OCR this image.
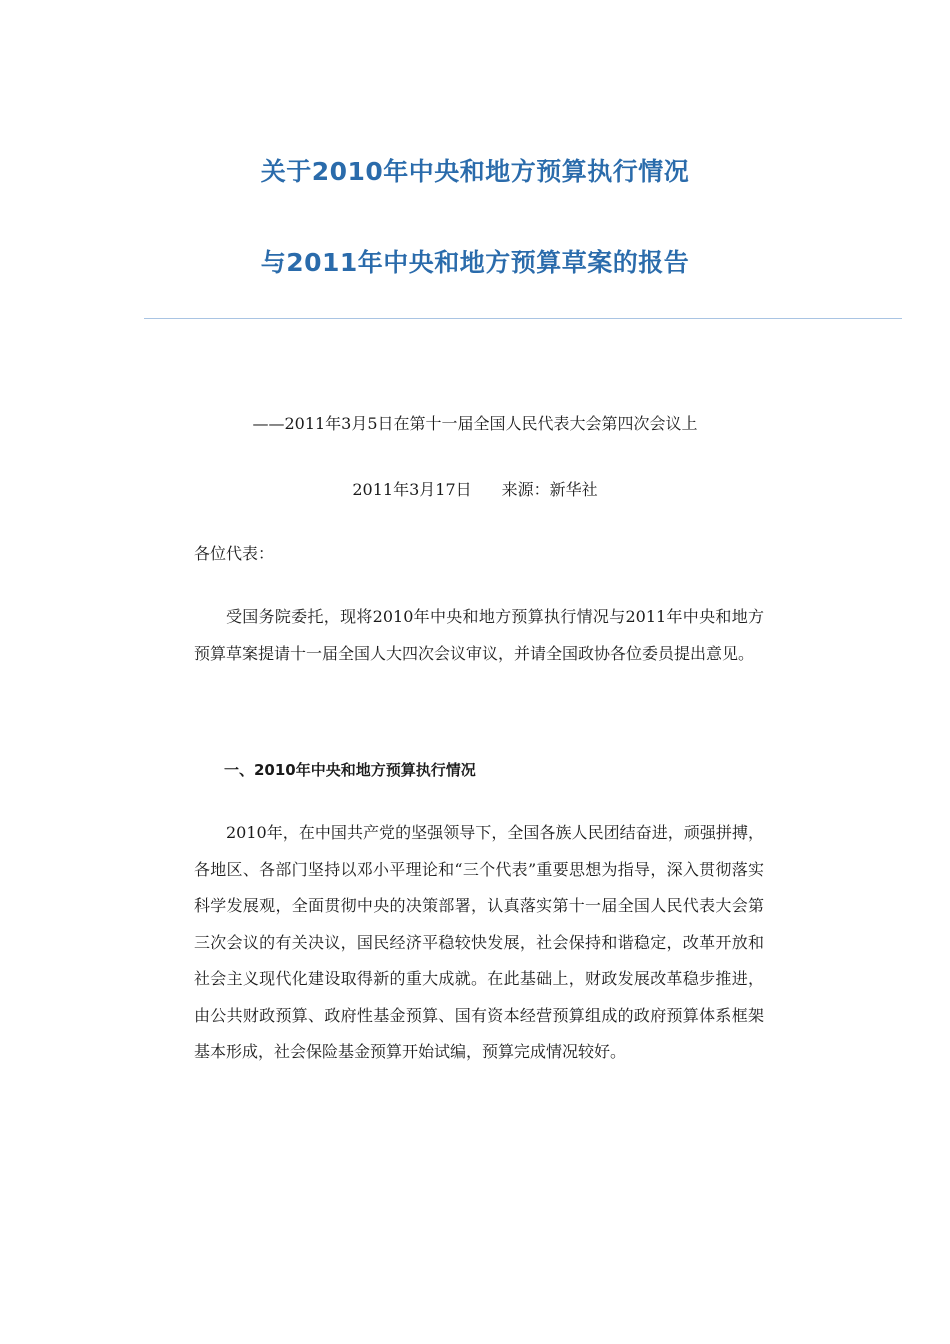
关于2010年中央和地方预算执行情况
与2011年中央和地方预算草案的报告
——2011年3月5日在第十一届全国人民代表大会第四次会议上
2011年3月17日 来源：新华社

各位代表：

受国务院委托，现将2010年中央和地方预算执行情况与2011年中央和地方预算草案提请十一届全国人大四次会议审议，并请全国政协各位委员提出意见。

一、2010年中央和地方预算执行情况

2010年，在中国共产党的坚强领导下，全国各族人民团结奋进，顽强拼搏，各地区、各部门坚持以邓小平理论和“三个代表”重要思想为指导，深入贯彻落实科学发展观，全面贯彻中央的决策部署，认真落实第十一届全国人民代表大会第三次会议的有关决议，国民经济平稳较快发展，社会保持和谐稳定，改革开放和社会主义现代化建设取得新的重大成就。在此基础上，财政发展改革稳步推进，由公共财政预算、政府性基金预算、国有资本经营预算组成的政府预算体系框架基本形成，社会保险基金预算开始试编，预算完成情况较好。
